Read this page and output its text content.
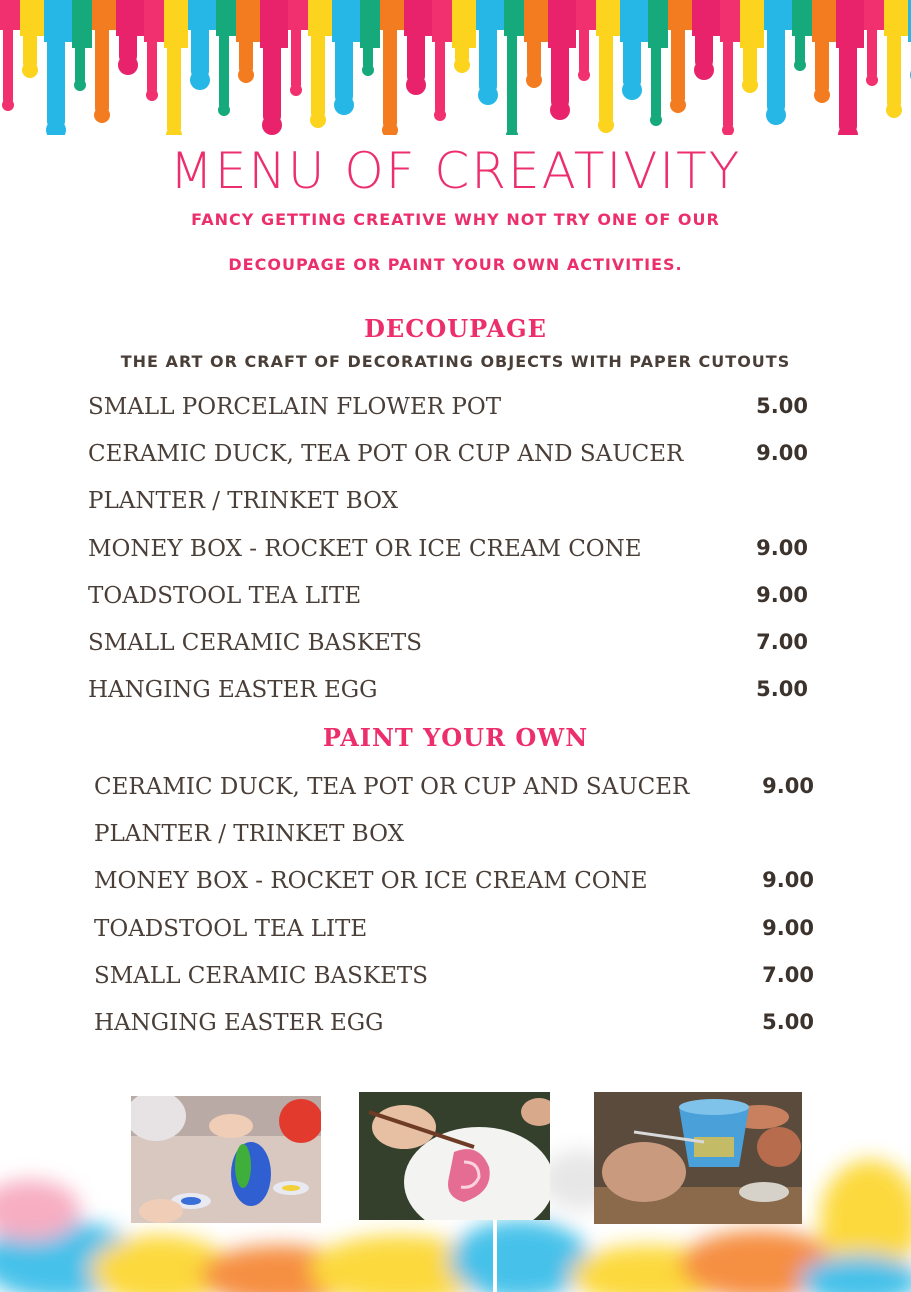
MENU OF CREATIVITY
FANCY GETTING CREATIVE WHY NOT TRY ONE OF OUR
DECOUPAGE OR PAINT YOUR OWN ACTIVITIES.
DECOUPAGE
THE ART OR CRAFT OF DECORATING OBJECTS WITH PAPER CUTOUTS
SMALL PORCELAIN FLOWER POT	5.00
CERAMIC DUCK, TEA POT OR CUP AND SAUCER	9.00
PLANTER / TRINKET BOX
MONEY BOX - ROCKET OR ICE CREAM CONE	9.00
TOADSTOOL TEA LITE	9.00
SMALL CERAMIC BASKETS	7.00
HANGING EASTER EGG	5.00
PAINT YOUR OWN
CERAMIC DUCK, TEA POT OR CUP AND SAUCER	9.00
PLANTER / TRINKET BOX
MONEY BOX - ROCKET OR ICE CREAM CONE	9.00
TOADSTOOL TEA LITE	9.00
SMALL CERAMIC BASKETS	7.00
HANGING EASTER EGG	5.00
